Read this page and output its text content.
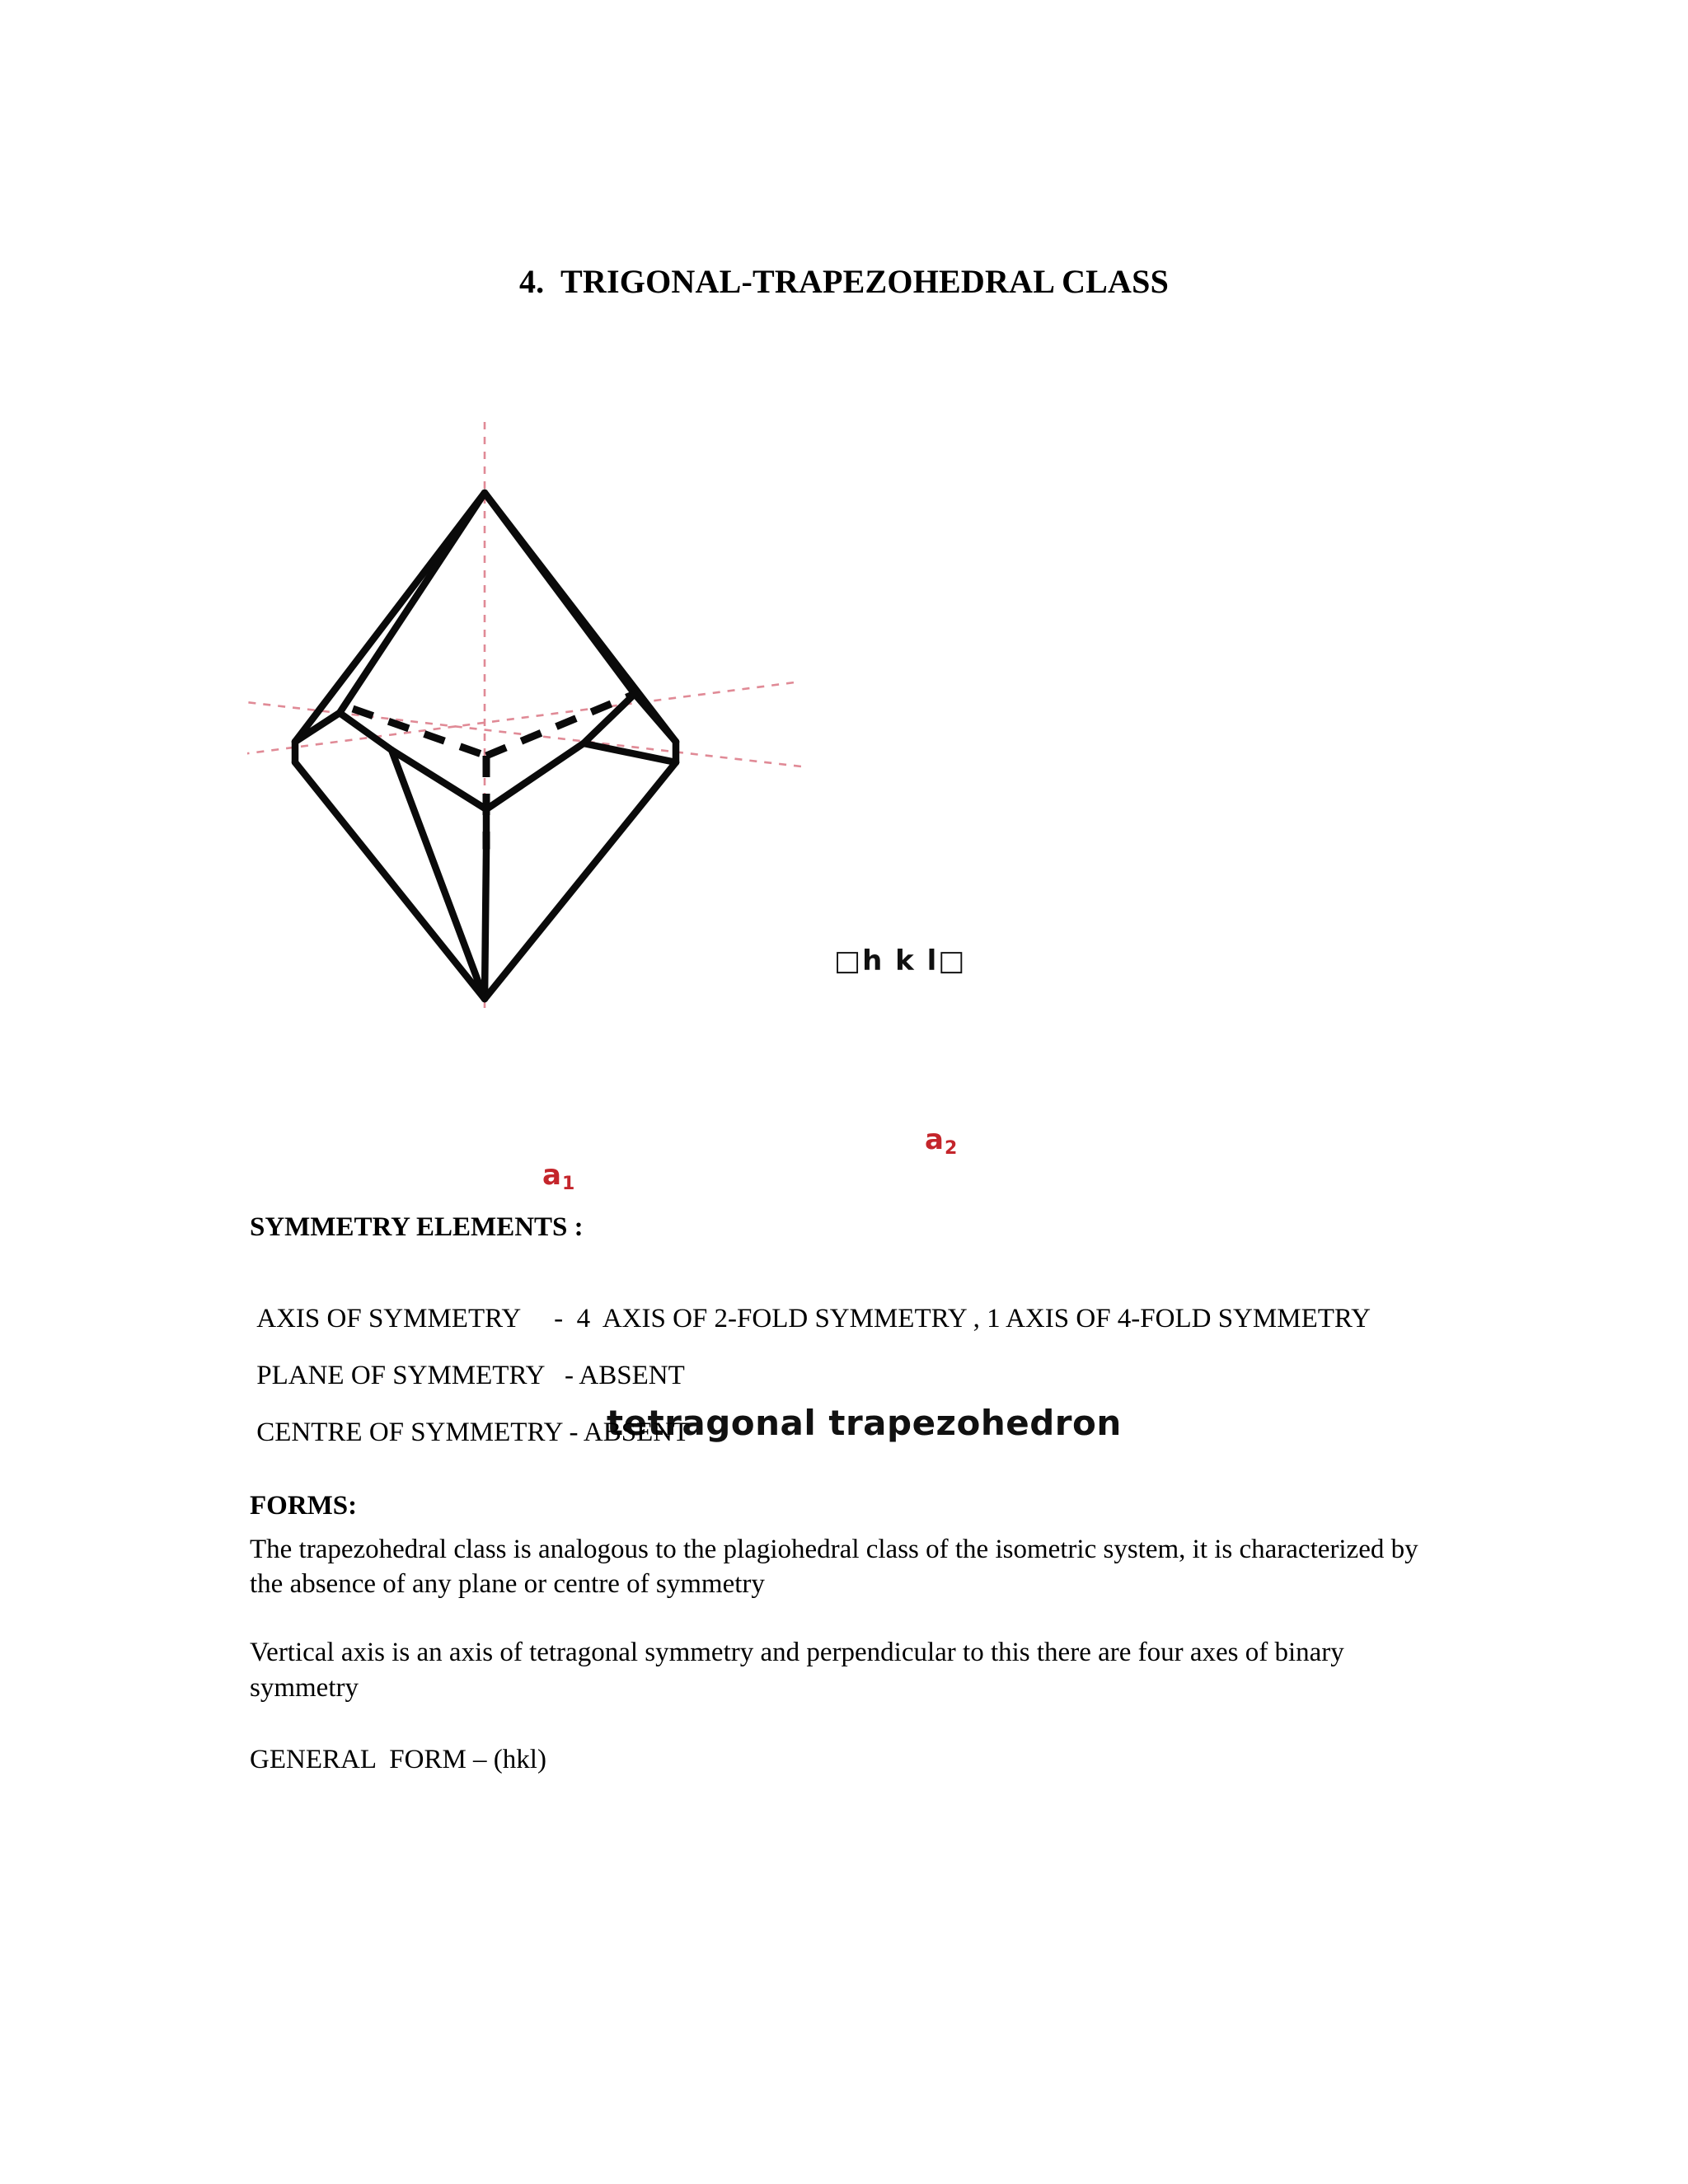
4.  TRIGONAL-TRAPEZOHEDRAL CLASS
□h k l□
$a_1$
$a_2$
tetragonal trapezohedron
SYMMETRY ELEMENTS :
AXIS OF SYMMETRY     -  4  AXIS OF 2-FOLD SYMMETRY , 1 AXIS OF 4-FOLD SYMMETRY
PLANE OF SYMMETRY   - ABSENT
CENTRE OF SYMMETRY - ABSENT
FORMS:
The trapezohedral class is analogous to the plagiohedral class of the isometric system, it is characterized by the absence of any plane or centre of symmetry
Vertical axis is an axis of tetragonal symmetry and perpendicular to this there are four axes of binary        symmetry
GENERAL  FORM – (hkl)
